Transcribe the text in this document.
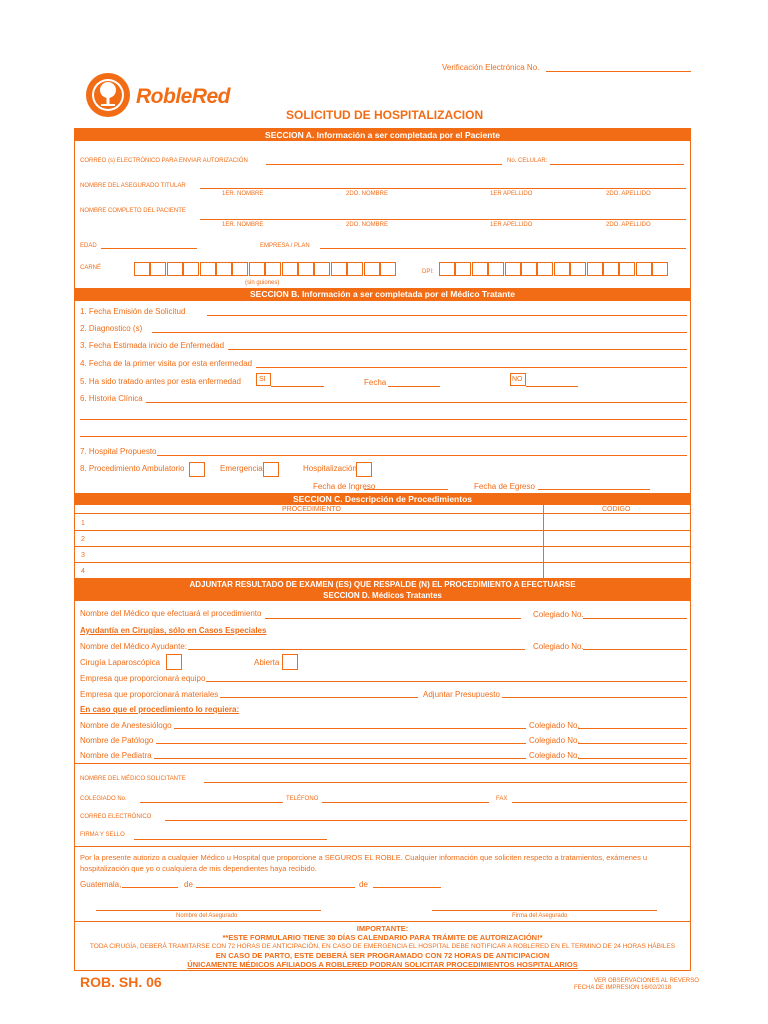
Verificación Electrónica No.
RobleRed
SOLICITUD DE HOSPITALIZACION
SECCION A. Información a ser completada por el Paciente
CORREO (s) ELECTRÓNICO PARA ENVIAR AUTORIZACIÓN	No. CELULAR:
NOMBRE DEL ASEGURADO TITULAR
1ER. NOMBRE	2DO. NOMBRE	1ER APELLIDO	2DO. APELLIDO
NOMBRE COMPLETO DEL PACIENTE
1ER. NOMBRE	2DO. NOMBRE	1ER APELLIDO	2DO. APELLIDO
EDAD	EMPRESA / PLAN
CARNÉ
(sin guiones)
DPI:
SECCION B. Información a ser completada por el Médico Tratante
1. Fecha Emisión de Solicitud
2. Diagnostico (s)
3. Fecha Estimada inicio de Enfermedad
4. Fecha de la primer visita por esta enfermedad
5. Ha sido tratado antes por esta enfermedad	SI	Fecha	NO
6. Historia Clínica
7. Hospital Propuesto
8. Procedimiento Ambulatorio	Emergencia	Hospitalización
Fecha de Ingreso	Fecha de Egreso
SECCION C. Descripción de Procedimientos
PROCEDIMIENTO	CODIGO
1
2
3
4
ADJUNTAR RESULTADO DE EXAMEN (ES) QUE RESPALDE (N) EL PROCEDIMIENTO A EFECTUARSE
SECCION D. Médicos Tratantes
Nombre del Médico que efectuará el procedimiento	Colegiado No.
Ayudantía en Cirugías, sólo en Casos Especiales
Nombre del Médico Ayudante:	Colegiado No.
Cirugía Laparoscópica	Abierta
Empresa que proporcionará equipo
Empresa que proporcionará materiales	Adjuntar Presupuesto
En caso que el procedimiento lo requiera:
Nombre de Anestesiólogo	Colegiado No.
Nombre de Patólogo	Colegiado No.
Nombre de Pediatra	Colegiado No.
NOMBRE DEL MÉDICO SOLICITANTE
COLEGIADO No.	TELÉFONO	FAX
CORREO ELECTRÓNICO
FIRMA Y SELLO
Por la presente autorizo a cualquier Médico u Hospital que proporcione a SEGUROS EL ROBLE. Cualquier información que soliciten respecto a tratamientos, exámenes u
hospitalización que yo o cualquiera de mis dependientes haya recibido.
Guatemala,	de	de
Nombre del Asegurado	Firma del Asegurado
IMPORTANTE:
**ESTE FORMULARIO TIENE 30 DÍAS CALENDARIO PARA TRÁMITE DE AUTORIZACIÓN!*
TODA CIRUGÍA, DEBERÁ TRAMITARSE CON 72 HORAS DE ANTICIPACIÓN, EN CASO DE EMERGENCIA EL HOSPITAL DEBE NOTIFICAR A ROBLERED EN EL TERMINO DE 24 HORAS HÁBILES
EN CASO DE PARTO, ESTE DEBERÁ SER PROGRAMADO CON 72 HORAS DE ANTICIPACION
ÚNICAMENTE MÉDICOS AFILIADOS A ROBLERED PODRAN SOLICITAR PROCEDIMIENTOS HOSPITALARIOS
ROB. SH. 06	VER OBSERVACIONES AL REVERSO
FECHA DE IMPRESION 16/02/2018
